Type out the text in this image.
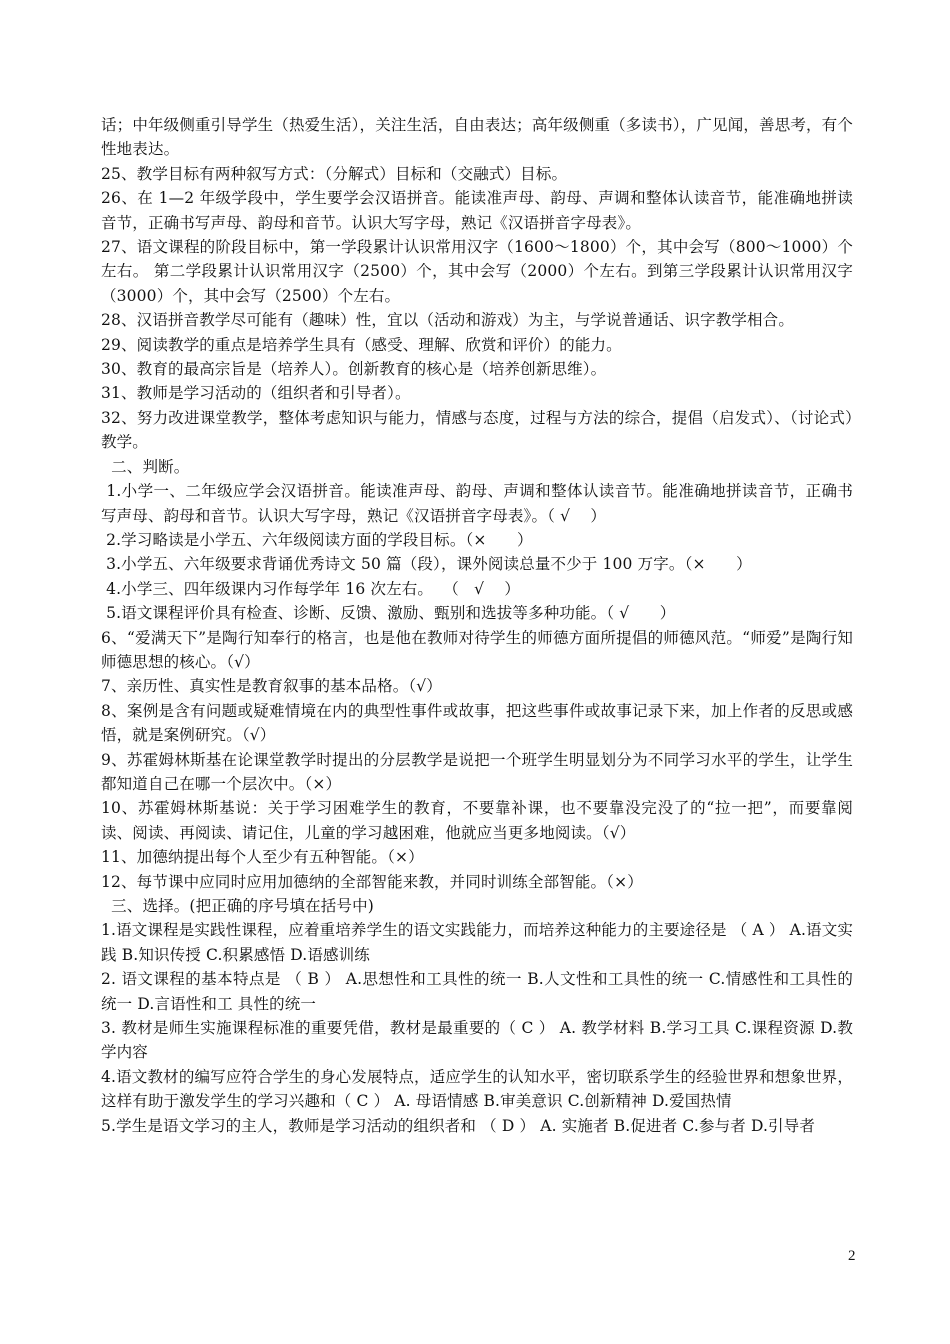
话；中年级侧重引导学生（热爱生活），关注生活，自由表达；高年级侧重（多读书），广见闻，善思考，有个性地表达。

25、教学目标有两种叙写方式：（分解式）目标和（交融式）目标。

26、在 1—2 年级学段中，学生要学会汉语拼音。能读准声母、韵母、声调和整体认读音节，能准确地拼读音节，正确书写声母、韵母和音节。认识大写字母，熟记《汉语拼音字母表》。

27、语文课程的阶段目标中，第一学段累计认识常用汉字（1600～1800）个，其中会写（800～1000）个左右。 第二学段累计认识常用汉字（2500）个，其中会写（2000）个左右。到第三学段累计认识常用汉字（3000）个，其中会写（2500）个左右。

28、汉语拼音教学尽可能有（趣味）性，宜以（活动和游戏）为主，与学说普通话、识字教学相合。

29、阅读教学的重点是培养学生具有（感受、理解、欣赏和评价）的能力。

30、教育的最高宗旨是（培养人）。创新教育的核心是（培养创新思维）。

31、教师是学习活动的（组织者和引导者）。

32、努力改进课堂教学，整体考虑知识与能力，情感与态度，过程与方法的综合，提倡（启发式）、（讨论式）教学。

二、判断。

1.小学一、二年级应学会汉语拼音。能读准声母、韵母、声调和整体认读音节。能准确地拼读音节，正确书写声母、韵母和音节。认识大写字母，熟记《汉语拼音字母表》。（ √    ）

2.学习略读是小学五、六年级阅读方面的学段目标。（×      ）

3.小学五、六年级要求背诵优秀诗文 50 篇（段），课外阅读总量不少于 100 万字。（×      ）

4.小学三、四年级课内习作每学年 16 次左右。  （   √    ）

5.语文课程评价具有检查、诊断、反馈、激励、甄别和选拔等多种功能。（ √      ）

6、“爱满天下”是陶行知奉行的格言，也是他在教师对待学生的师德方面所提倡的师德风范。“师爱”是陶行知师德思想的核心。（√）

7、亲历性、真实性是教育叙事的基本品格。（√）

8、案例是含有问题或疑难情境在内的典型性事件或故事，把这些事件或故事记录下来，加上作者的反思或感悟，就是案例研究。（√）

9、苏霍姆林斯基在论课堂教学时提出的分层教学是说把一个班学生明显划分为不同学习水平的学生，让学生都知道自己在哪一个层次中。（×）

10、苏霍姆林斯基说：关于学习困难学生的教育，不要靠补课，也不要靠没完没了的“拉一把”，而要靠阅读、阅读、再阅读、请记住，儿童的学习越困难，他就应当更多地阅读。（√）

11、加德纳提出每个人至少有五种智能。（×）

12、每节课中应同时应用加德纳的全部智能来教，并同时训练全部智能。（×）

三、选择。(把正确的序号填在括号中)

1.语文课程是实践性课程，应着重培养学生的语文实践能力，而培养这种能力的主要途径是 （ A ） A.语文实践 B.知识传授 C.积累感悟 D.语感训练

2. 语文课程的基本特点是 （ B ） A.思想性和工具性的统一 B.人文性和工具性的统一 C.情感性和工具性的统一 D.言语性和工 具性的统一

3. 教材是师生实施课程标准的重要凭借，教材是最重要的（ C ） A. 教学材料 B.学习工具 C.课程资源 D.教学内容

4.语文教材的编写应符合学生的身心发展特点，适应学生的认知水平，密切联系学生的经验世界和想象世界，这样有助于激发学生的学习兴趣和（ C ） A. 母语情感 B.审美意识 C.创新精神 D.爱国热情

5.学生是语文学习的主人，教师是学习活动的组织者和 （ D ） A. 实施者 B.促进者 C.参与者 D.引导者

2
